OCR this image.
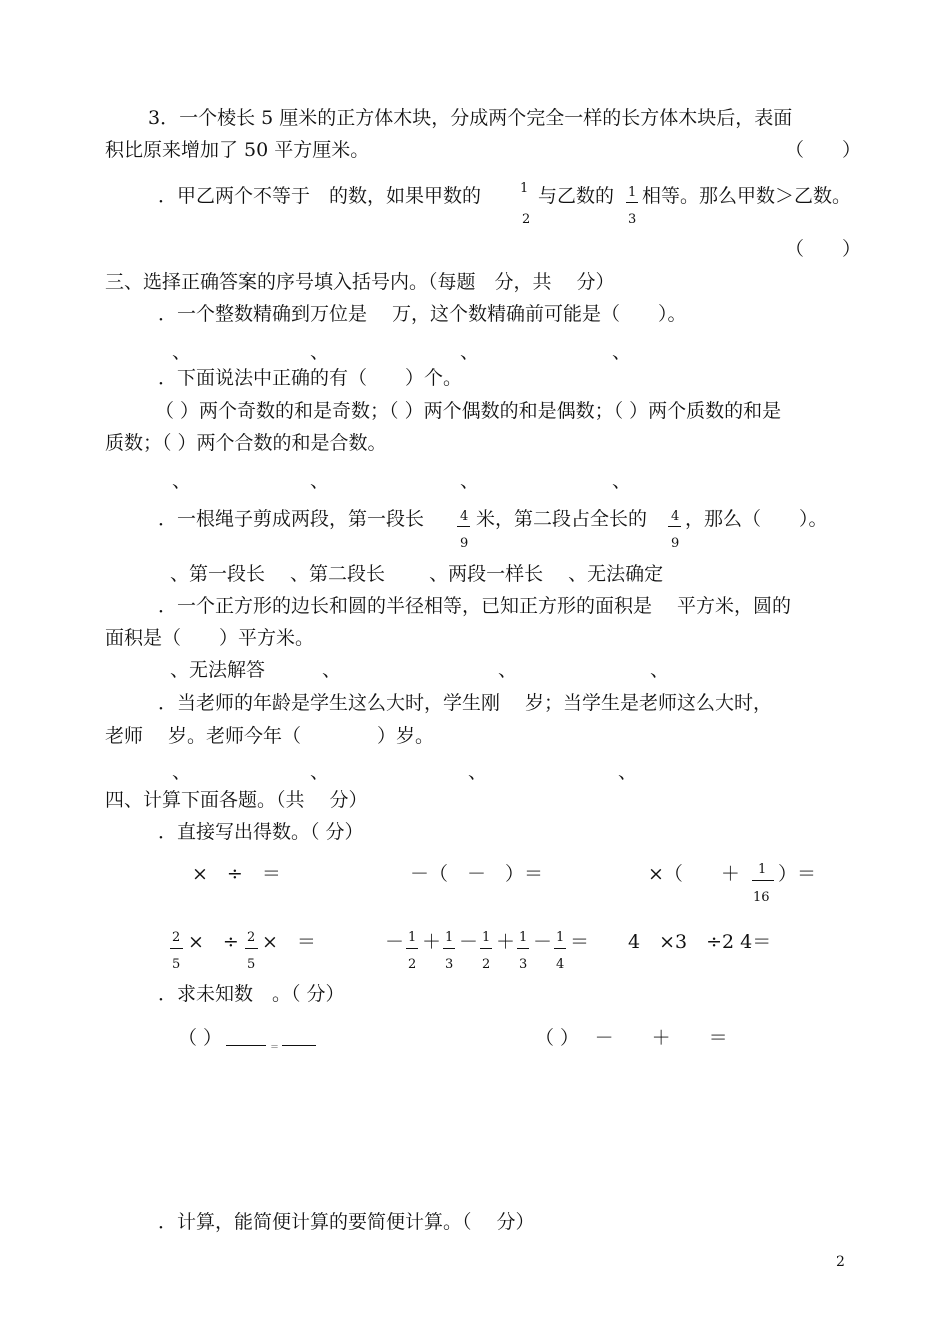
3．一个棱长 5 厘米的正方体木块，分成两个完全一样的长方体木块后，表面
积比原来增加了 50 平方厘米。	（　　）
．甲乙两个不等于　的数，如果甲数的	1
2
与乙数的 1
3
相等。那么甲数＞乙数。
（　　）
三、选择正确答案的序号填入括号内。（每题　分，共　 分）
．一个整数精确到万位是　 万，这个数精确前可能是（　　）。
、	、	、	、
．下面说法中正确的有（　　）个。
（ ）两个奇数的和是奇数；（ ）两个偶数的和是偶数；（ ）两个质数的和是
质数；（ ）两个合数的和是合数。
、	、	、	、
．一根绳子剪成两段，第一段长	4
9
米，第二段占全长的 4
9
，那么（　　）。
、第一段长　 、第二段长　　 、两段一样长　 、无法确定
．一个正方形的边长和圆的半径相等，已知正方形的面积是　 平方米，圆的
面积是（　　）平方米。
、无法解答	、	、	、
．当老师的年龄是学生这么大时，学生刚　 岁；当学生是老师这么大时，
老师　 岁。老师今年（　　　　）岁。
、	、	、	、
四、计算下面各题。（共　 分）
．直接写出得数。（ 分）
×　÷　＝	－（　－　）＝	×（　　＋ 1
16
）＝
2
5
×　÷ 2
5
×　＝	－ 1
2
＋ 1
3
－ 1
2
＋ 1
3
－ 1
4
＝ 4　×3　÷2 4＝
．求未知数　。（ 分）
（ ）	＝	（ ）　 －　　＋　　＝
．计算，能简便计算的要简便计算。（　 分）
2
